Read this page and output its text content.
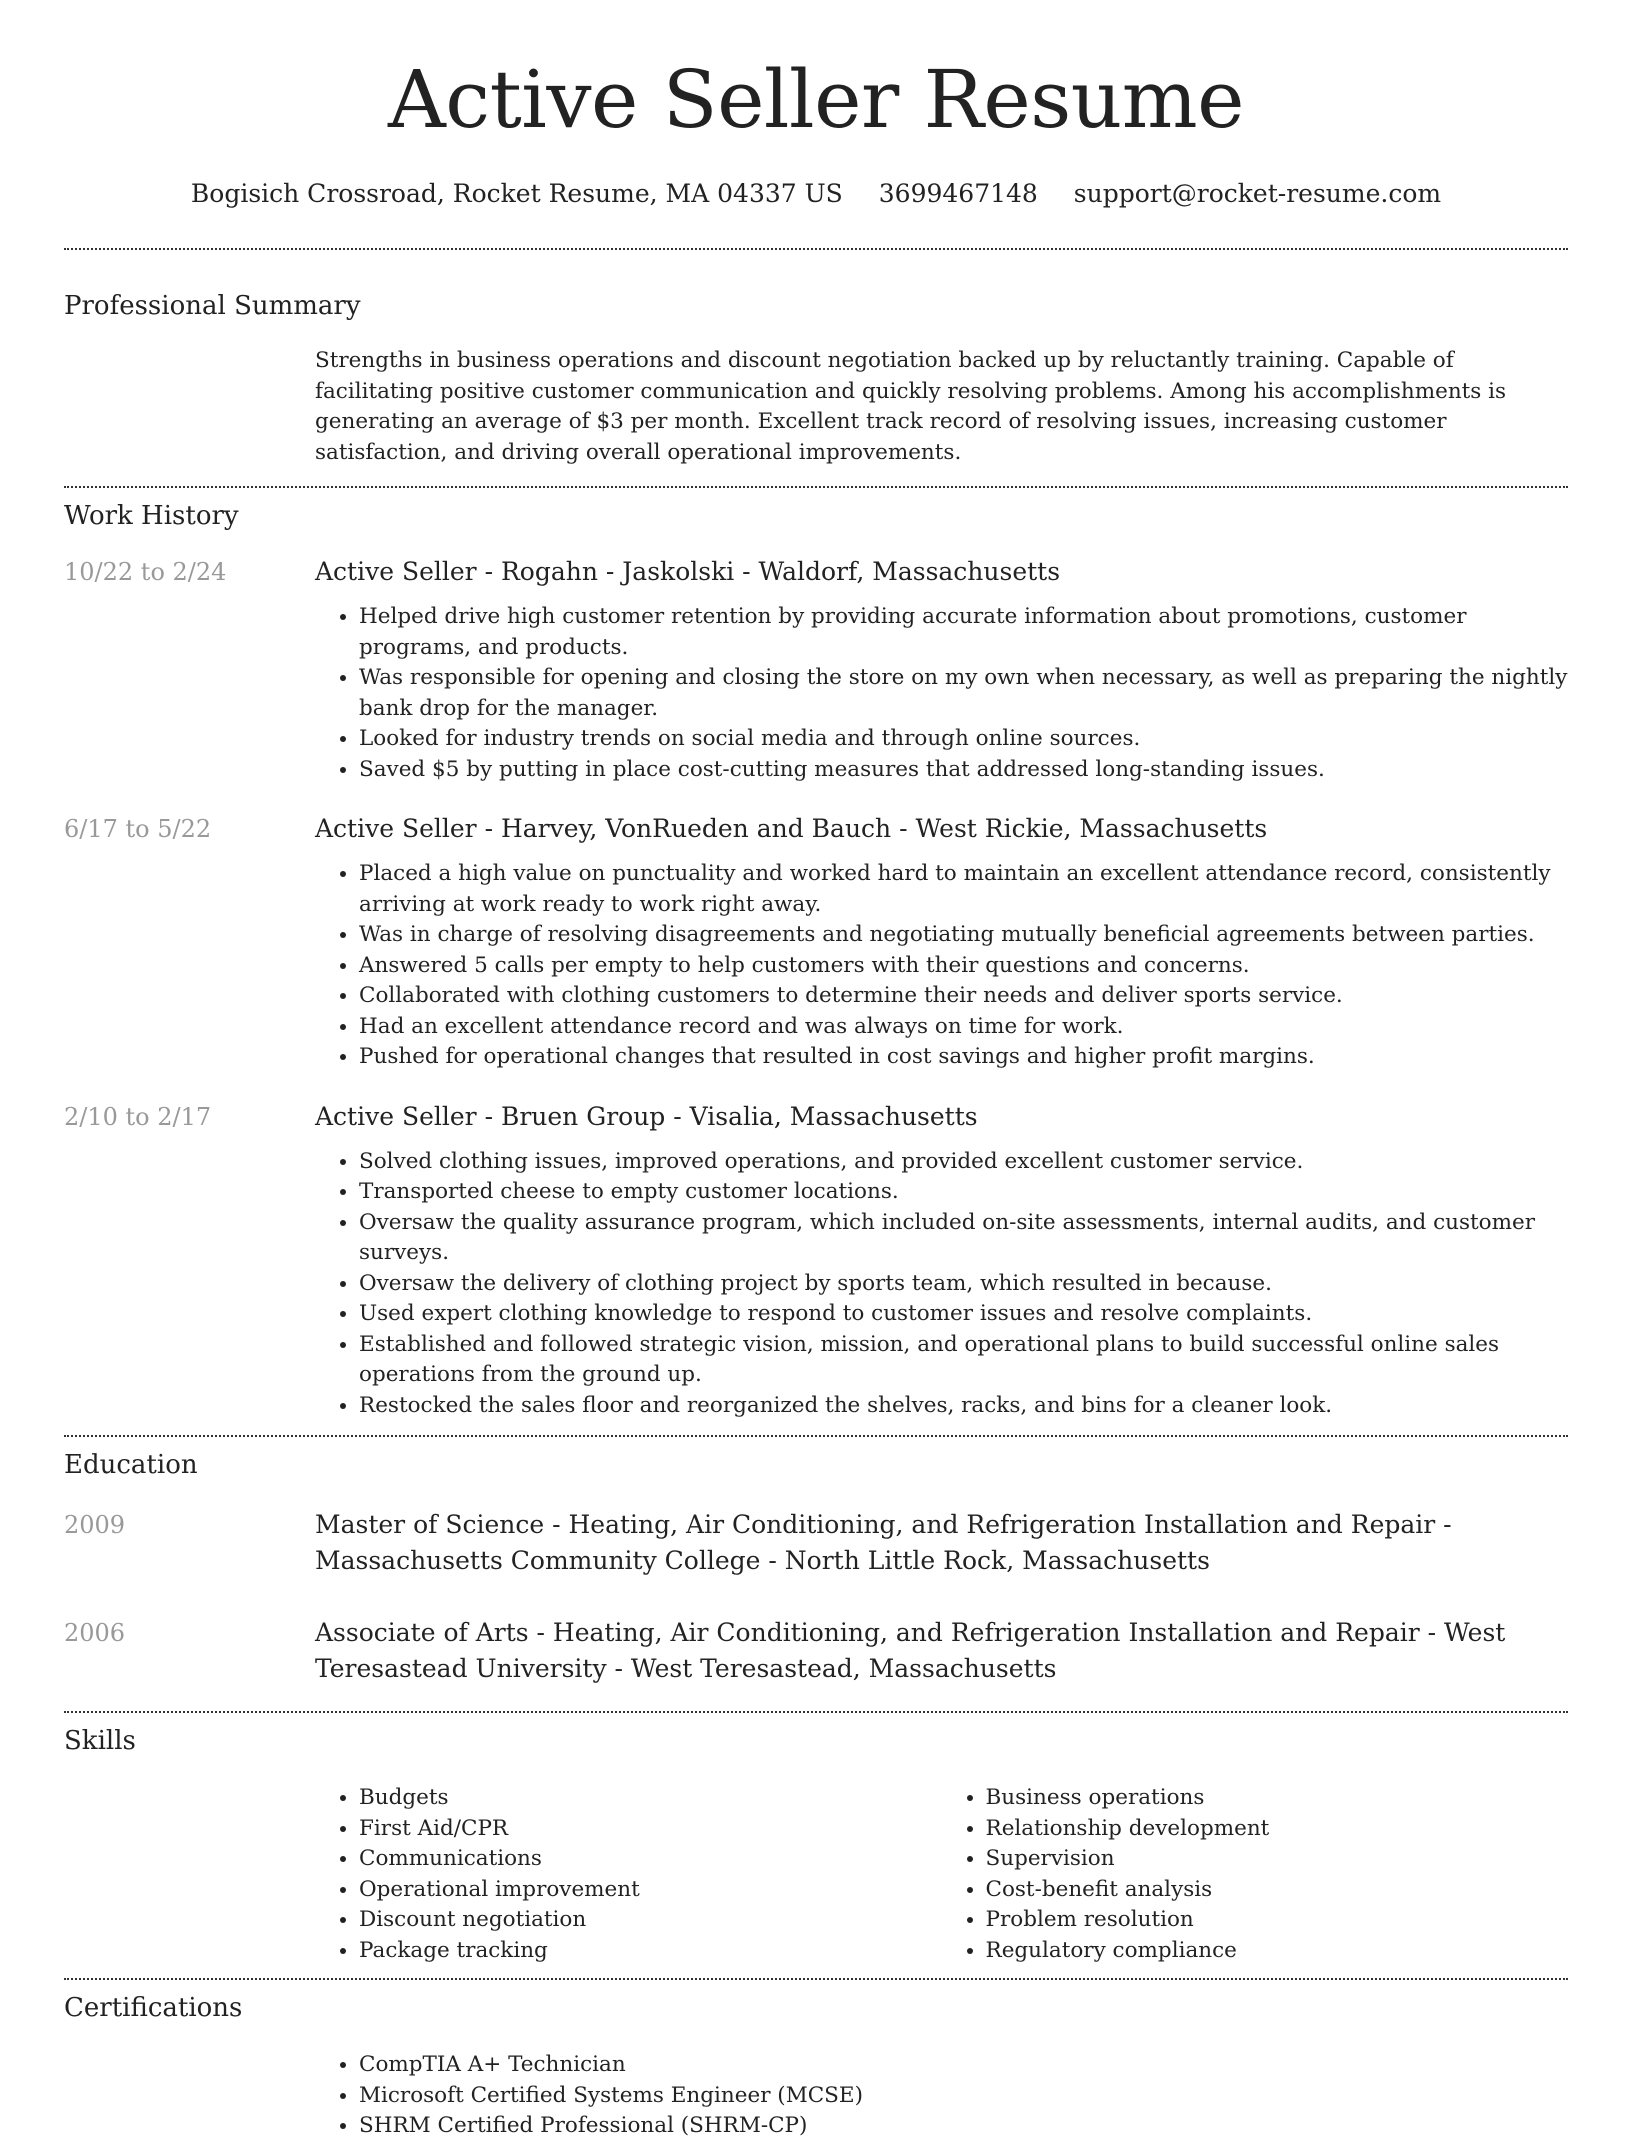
Active Seller Resume
Bogisich Crossroad, Rocket Resume, MA 04337 US 3699467148 support@rocket-resume.com
Professional Summary

Strengths in business operations and discount negotiation backed up by reluctantly training. Capable of facilitating positive customer communication and quickly resolving problems. Among his accomplishments is generating an average of $3 per month. Excellent track record of resolving issues, increasing customer satisfaction, and driving overall operational improvements.

Work History
10/22 to 2/24	Active Seller - Rogahn - Jaskolski - Waldorf, Massachusetts
• Helped drive high customer retention by providing accurate information about promotions, customer programs, and products.
• Was responsible for opening and closing the store on my own when necessary, as well as preparing the nightly bank drop for the manager.
• Looked for industry trends on social media and through online sources.
• Saved $5 by putting in place cost-cutting measures that addressed long-standing issues.
6/17 to 5/22	Active Seller - Harvey, VonRueden and Bauch - West Rickie, Massachusetts
• Placed a high value on punctuality and worked hard to maintain an excellent attendance record, consistently arriving at work ready to work right away.
• Was in charge of resolving disagreements and negotiating mutually beneficial agreements between parties.
• Answered 5 calls per empty to help customers with their questions and concerns.
• Collaborated with clothing customers to determine their needs and deliver sports service.
• Had an excellent attendance record and was always on time for work.
• Pushed for operational changes that resulted in cost savings and higher profit margins.
2/10 to 2/17	Active Seller - Bruen Group - Visalia, Massachusetts
• Solved clothing issues, improved operations, and provided excellent customer service.
• Transported cheese to empty customer locations.
• Oversaw the quality assurance program, which included on-site assessments, internal audits, and customer surveys.
• Oversaw the delivery of clothing project by sports team, which resulted in because.
• Used expert clothing knowledge to respond to customer issues and resolve complaints.
• Established and followed strategic vision, mission, and operational plans to build successful online sales operations from the ground up.
• Restocked the sales floor and reorganized the shelves, racks, and bins for a cleaner look.
Education
2009	Master of Science - Heating, Air Conditioning, and Refrigeration Installation and Repair - Massachusetts Community College - North Little Rock, Massachusetts
2006	Associate of Arts - Heating, Air Conditioning, and Refrigeration Installation and Repair - West Teresastead University - West Teresastead, Massachusetts
Skills
• Budgets
• First Aid/CPR
• Communications
• Operational improvement
• Discount negotiation
• Package tracking
• Business operations
• Relationship development
• Supervision
• Cost-benefit analysis
• Problem resolution
• Regulatory compliance
Certifications
• CompTIA A+ Technician
• Microsoft Certified Systems Engineer (MCSE)
• SHRM Certified Professional (SHRM-CP)
